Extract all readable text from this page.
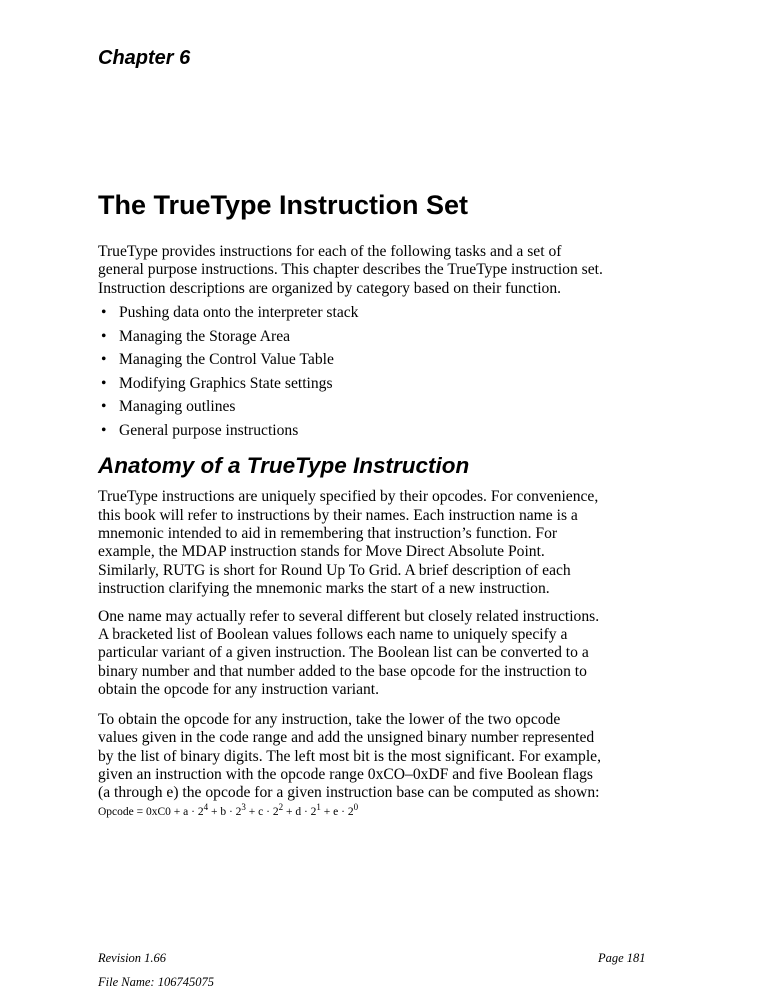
Chapter 6
The TrueType Instruction Set

TrueType provides instructions for each of the following tasks and a set of general purpose instructions. This chapter describes the TrueType instruction set. Instruction descriptions are organized by category based on their function.

• Pushing data onto the interpreter stack
• Managing the Storage Area
• Managing the Control Value Table
• Modifying Graphics State settings
• Managing outlines
• General purpose instructions
Anatomy of a TrueType Instruction

TrueType instructions are uniquely specified by their opcodes. For convenience, this book will refer to instructions by their names. Each instruction name is a mnemonic intended to aid in remembering that instruction’s function. For example, the MDAP instruction stands for Move Direct Absolute Point. Similarly, RUTG is short for Round Up To Grid. A brief description of each instruction clarifying the mnemonic marks the start of a new instruction.

One name may actually refer to several different but closely related instructions. A bracketed list of Boolean values follows each name to uniquely specify a particular variant of a given instruction. The Boolean list can be converted to a binary number and that number added to the base opcode for the instruction to obtain the opcode for any instruction variant.

To obtain the opcode for any instruction, take the lower of the two opcode values given in the code range and add the unsigned binary number represented by the list of binary digits. The left most bit is the most significant. For example, given an instruction with the opcode range 0xCO–0xDF and five Boolean flags (a through e) the opcode for a given instruction base can be computed as shown:

Opcode = $0xC0 + a \cdot 2^4 + b \cdot 2^3 + c \cdot 2^2 + d \cdot 2^1 + e \cdot 2^0$
Revision 1.66
File Name: 106745075
Page 181
